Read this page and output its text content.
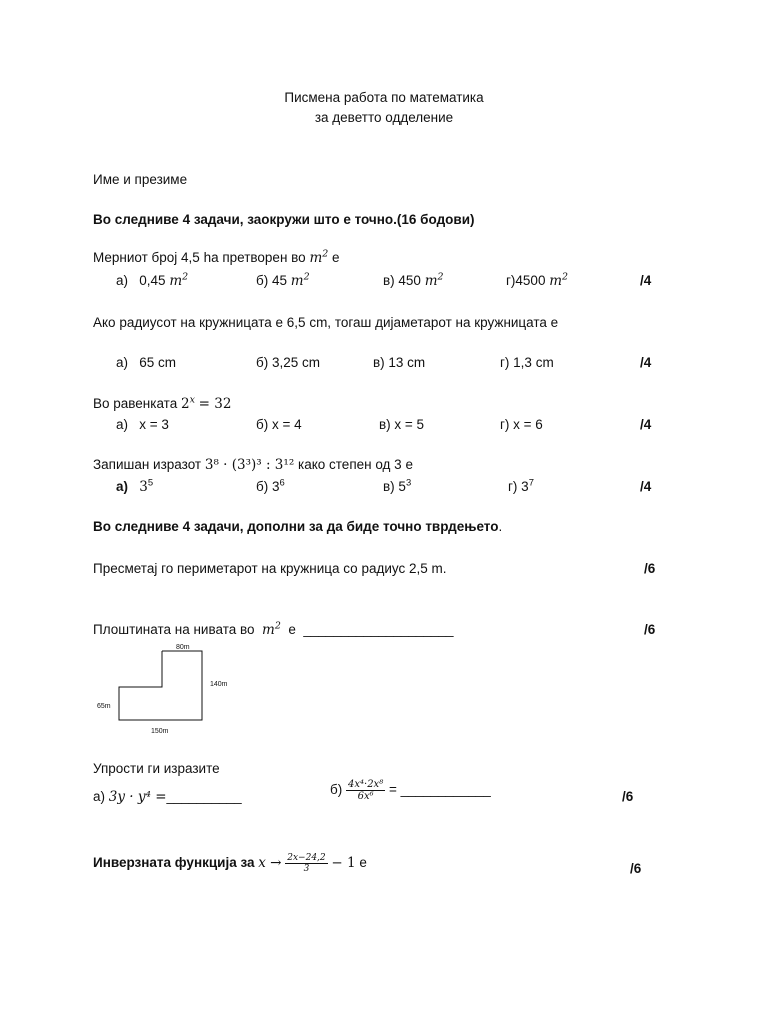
Писмена работа по математика
за деветто одделение
Име и презиме
Во следниве 4 задачи, заокружи што е точно.(16 бодови)
Мерниот број 4,5 ha претворен во $m^2$ е
а) 0,45 $m^2$	б) 45 $m^2$	в) 450 $m^2$	г)4500 $m^2$	/4
Ако радиусот на кружницата е 6,5 cm, тогаш дијаметарот на кружницата е
а) 65 cm	б) 3,25 cm	в) 13 cm	г) 1,3 cm	/4
Во равенката $2^x = 32$
а) x = 3	б) x = 4	в) x = 5	г) x = 6	/4
Запишан изразот 3⁸ · (3³)³ : 3¹² како степен од 3 е
а) $3^5$	б) $3^6$	в) $5^3$	г) $3^7$	/4
Во следниве 4 задачи, дополни за да биде точно тврдењето.
Пресметај го периметарот на кружница со радиус 2,5 m.	/6
Плоштината на нивата во $m^2$ е ____________________	/6
80m
140m
65m
150m
Упрости ги изразите
а) 3y · y⁴ =__________	$б) \frac{\text{4x⁴·2x⁸}}{\text{6x⁶}}$ = ____________	/6
Инверзната функција за $x \to \frac{2x-24,2}{3} - 1$ е	/6
